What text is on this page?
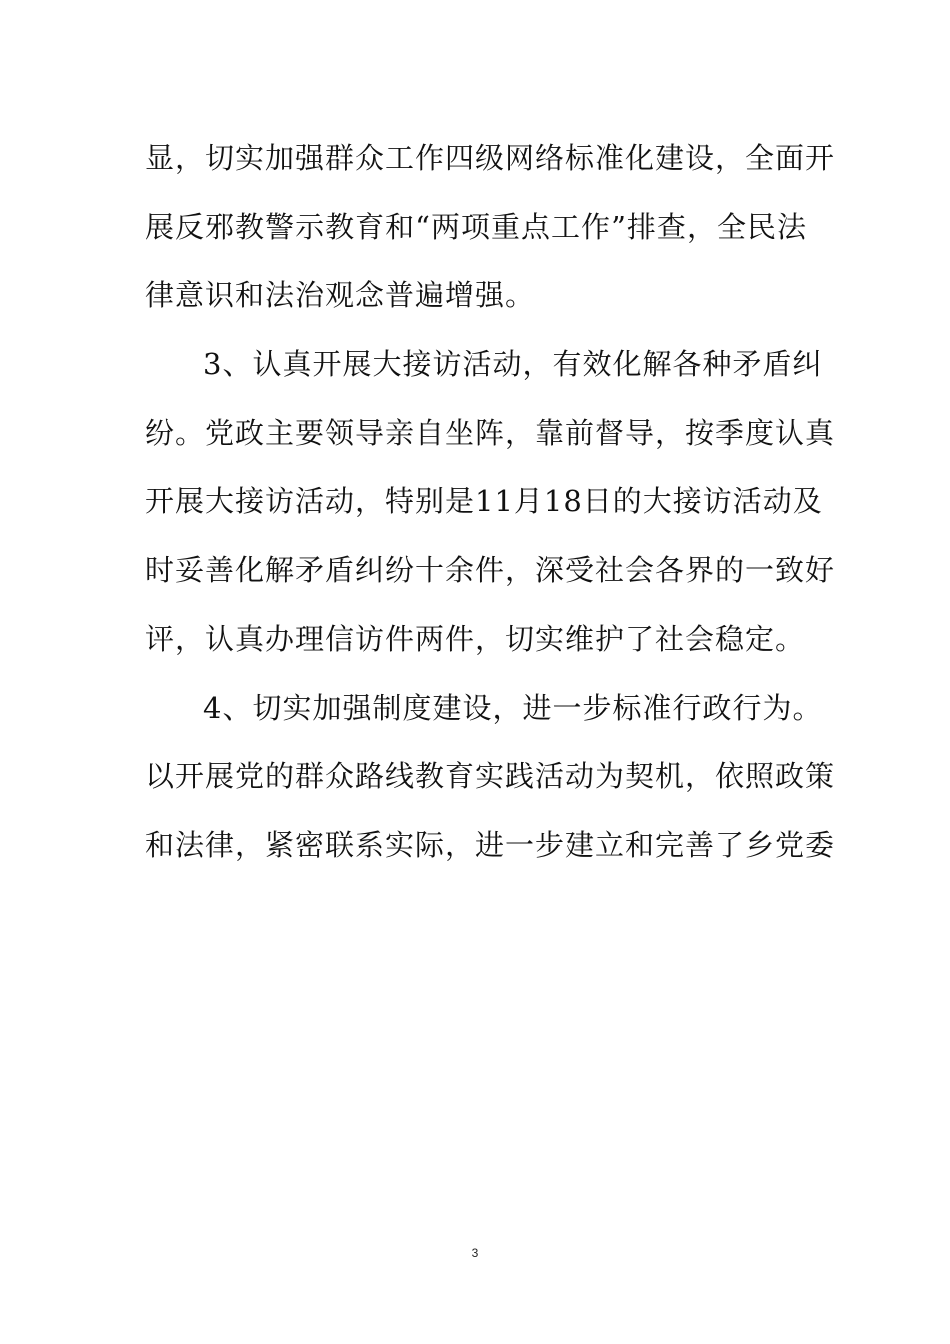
显，切实加强群众工作四级网络标准化建设，全面开
展反邪教警示教育和“两项重点工作”排查，全民法
律意识和法治观念普遍增强。
3、认真开展大接访活动，有效化解各种矛盾纠
纷。党政主要领导亲自坐阵，靠前督导，按季度认真
开展大接访活动，特别是11月18日的大接访活动及
时妥善化解矛盾纠纷十余件，深受社会各界的一致好
评，认真办理信访件两件，切实维护了社会稳定。
4、切实加强制度建设，进一步标准行政行为。
以开展党的群众路线教育实践活动为契机，依照政策
和法律，紧密联系实际，进一步建立和完善了乡党委
3
